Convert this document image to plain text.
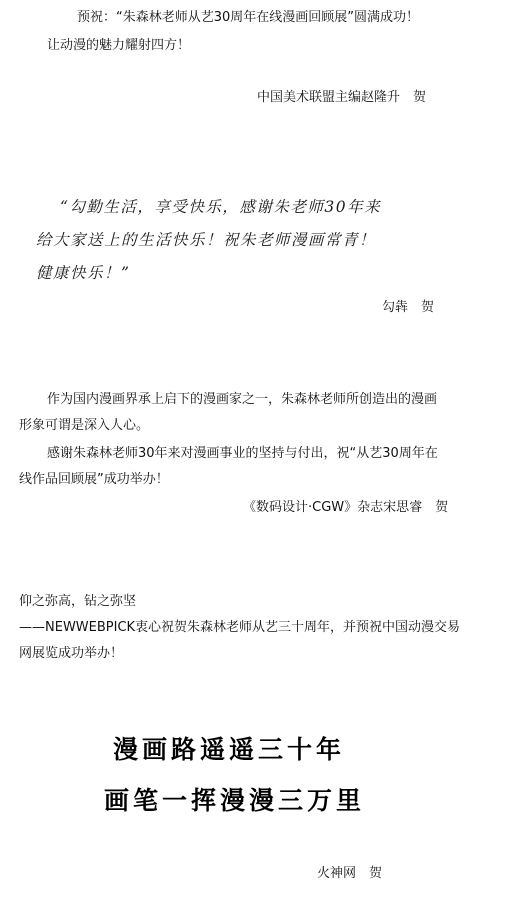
预祝：“朱森林老师从艺30周年在线漫画回顾展”圆满成功！
让动漫的魅力耀射四方！
中国美术联盟主编赵隆升　贺
“勾勤生活，享受快乐，感谢朱老师30年来
给大家送上的生活快乐！祝朱老师漫画常青！
健康快乐！”
勾犇　贺
作为国内漫画界承上启下的漫画家之一，朱森林老师所创造出的漫画
形象可谓是深入人心。
感谢朱森林老师30年来对漫画事业的坚持与付出，祝“从艺30周年在
线作品回顾展”成功举办！
《数码设计·CGW》杂志宋思睿　贺
仰之弥高，钻之弥坚
——NEWWEBPICK衷心祝贺朱森林老师从艺三十周年，并预祝中国动漫交易
网展览成功举办！
漫画路遥遥三十年
画笔一挥漫漫三万里
火神网　贺
